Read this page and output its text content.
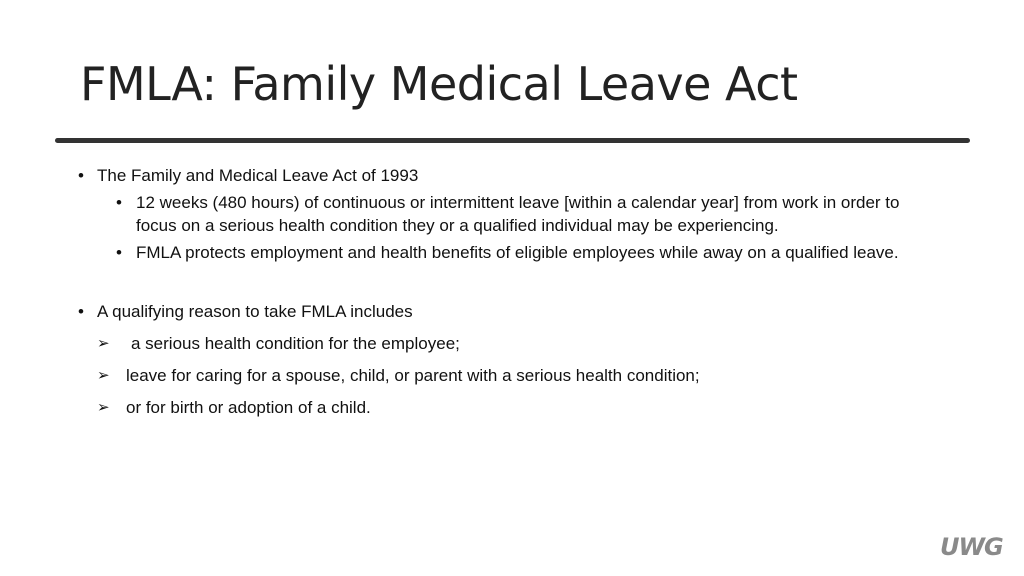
FMLA: Family Medical Leave Act
• The Family and Medical Leave Act of 1993
• 12 weeks (480 hours) of continuous or intermittent leave [within a calendar year] from work in order to focus on a serious health condition they or a qualified individual may be experiencing.
• FMLA protects employment and health benefits of eligible employees while away on a qualified leave.
• A qualifying reason to take FMLA includes
➢ a serious health condition for the employee;
➢ leave for caring for a spouse, child, or parent with a serious health condition;
➢ or for birth or adoption of a child.
UWG
